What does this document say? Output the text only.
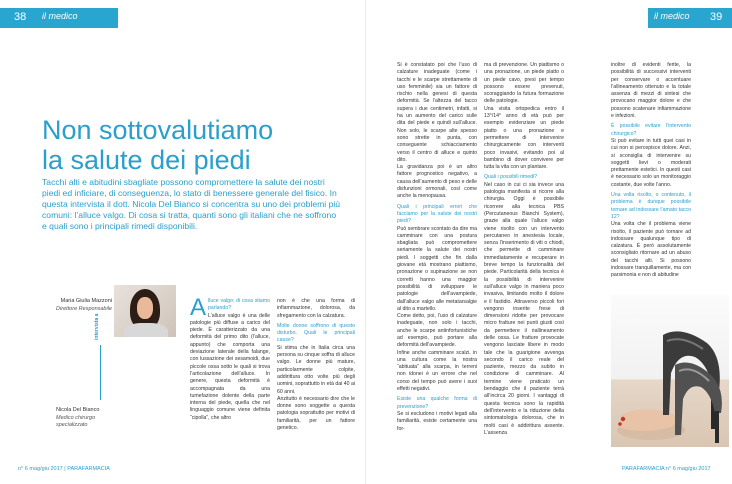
38 il medico
Non sottovalutiamo
la salute dei piedi

Tacchi alti e abitudini sbagliate possono compromettere la salute dei nostri piedi ed inficiare, di conseguenza, lo stato di benessere generale del fisico. In questa intervista il dott. Nicola Del Bianco si concentra su uno dei problemi più comuni: l’alluce valgo. Di cosa si tratta, quanti sono gli italiani che ne soffrono e quali sono i principali rimedi disponibili.

Maria Giulia Mazzoni
Direttore Responsabile
intervista a
Nicola Del Bianco
Medico chirurgo specializzato
A lluce valgo: di cosa stiamo parlando?

L’alluce valgo è una delle patologie più diffuse a carico del piede. È caratterizzato da una deformità del primo dito (l’alluce, appunto) che comporta una deviazione laterale della falange, con lussazione dei sesamoidi, due piccole ossa sotto le quali si trova l’articolazione dell’alluce. In genere, questa deformità è accompagnata da una tumefazione dolente della parte interna del piede, quella che nel linguaggio comune viene definita “cipolla”, che altro

non è che una forma di infiammazione, dolorosa, da sfregamento con la calzatura.

Molte donne soffrono di questo disturbo. Quali le principali cause?

Si stima che in Italia circa una persona su cinque soffra di alluce valgo. Le donne più mature, particolarmente colpite, addirittura otto volte più degli uomini, soprattutto in età dai 40 ai 60 anni.

Anzitutto è necessario dire che le donne sono soggette a questa patologia soprattutto per motivi di familiarità, per un fattore genetico.

n° 6 mag/giu 2017 | PARAFARMACIA
il medico 39

Si è constatato poi che l’uso di calzature inadeguate (come i tacchi e le scarpe strettamente di uso femminile) sia un fattore di rischio nella genesi di questa deformità. Se l’altezza del tacco supera i due centimetri, infatti, si ha un aumento del carico sulle dita del piede e quindi sull’alluce. Non solo, le scarpe alte spesso sono strette in punta, con conseguente schiacciamento verso il centro di alluce e quinto dito.

La gravidanza poi è un altro fattore prognostico negativo, a causa dell’aumento di peso e delle disfunzioni ormonali, così come anche la menopausa.

Quali i principali errori che facciamo per la salute dei nostri piedi?

Può sembrare scontato da dire ma camminare con una postura sbagliata può compromettere seriamente la salute dei nostri piedi. I soggetti che fin dalla giovane età mostrano piattismo, pronazione o supinazione se non corretti hanno una maggior possibilità di sviluppare le patologie dell’avampiede, dall’alluce valgo alle metatarsalgie al dito a martello.

Come detto, poi, l’uso di calzature inadeguate, non solo i tacchi, anche le scarpe antinfortunistiche ad esempio, può portare alla deformità dell’avampiede.

Infine anche camminare scalzi, in una cultura come la nostra “abituata” alla scarpa, in terreni non idonei è un errore che nel corso del tempo può avere i suoi effetti negativi.

Esiste una qualche forma di prevenzione?

Se si escludono i motivi legati alla familiarità, esiste certamente una for-

ma di prevenzione. Un piattismo o una pronazione, un piede piatto o un piede cavo, presi per tempo possono essere prevenuti, scoraggiando la futura formazione delle patologie.

Una visita ortopedica entro il 13°/14° anno di età può per esempio evidenziare un piede piatto o una pronazione e permettere di intervenire chirurgicamente con interventi poco invasivi, evitando poi al bambino di dover convivere per tutta la vita con un plantare.

Quali i possibili rimedi?

Nel caso in cui ci sia invece una patologia manifesta si ricorre alla chirurgia. Oggi è possibile ricorrere alla tecnica PBS (Percutaneous Bianchi System), grazie alla quale l’alluce valgo viene risolto con un intervento percutaneo in anestesia locale, senza l’inserimento di viti o chiodi, che permette di camminare immediatamente e recuperare in breve tempo la funzionalità del piede. Particolarità della tecnica è la possibilità di intervenire sull’alluce valgo in maniera poco invasiva, limitando molto il dolore e il fastidio. Attraverso piccoli fori vengono inserite frese di dimensioni ridotte per provocare micro fratture nei punti giusti così da permettere il riallineamento delle ossa. Le fratture provocate vengono lasciate libere in modo tale che la guarigione avvenga secondo il carico reale del paziente, mezzo da subito in condizione di camminare. Al termine viene praticato un bendaggio che il paziente terrà all’incirca 20 giorni. I vantaggi di questa tecnica sono la rapidità dell’intervento e la riduzione della sintomatologia dolorosa, che in molti casi è addirittura assente. L’assenza

inoltre di evidenti ferite, la possibilità di successivi interventi per conservare o accentuare l’allineamento ottenuto e la totale assenza di mezzi di sintesi che provocano maggior dolore e che possono scatenare infiammazione e infezioni.

È possibile evitare l’intervento chirurgico?

Si può evitare in tutti quei casi in cui non si percepisce dolore. Anzi, si sconsiglia di intervenire su soggetti lievi o moderati prettamente estetici. In questi casi è necessario solo un monitoraggio costante, due volte l’anno.

Una volta risolto, o contenuto, il problema è dunque possibile tornare ad indossare l’amato tacco 12?

Una volta che il problema viene risolto, il paziente può tornare ad indossare qualunque tipo di calzatura. È però assolutamente sconsigliato ritornare ad un abuso del tacchi alti. Si possono indossare tranquillamente, ma con parsimonia e non di abitudine

PARAFARMACIA n° 6 mag/giu 2017
